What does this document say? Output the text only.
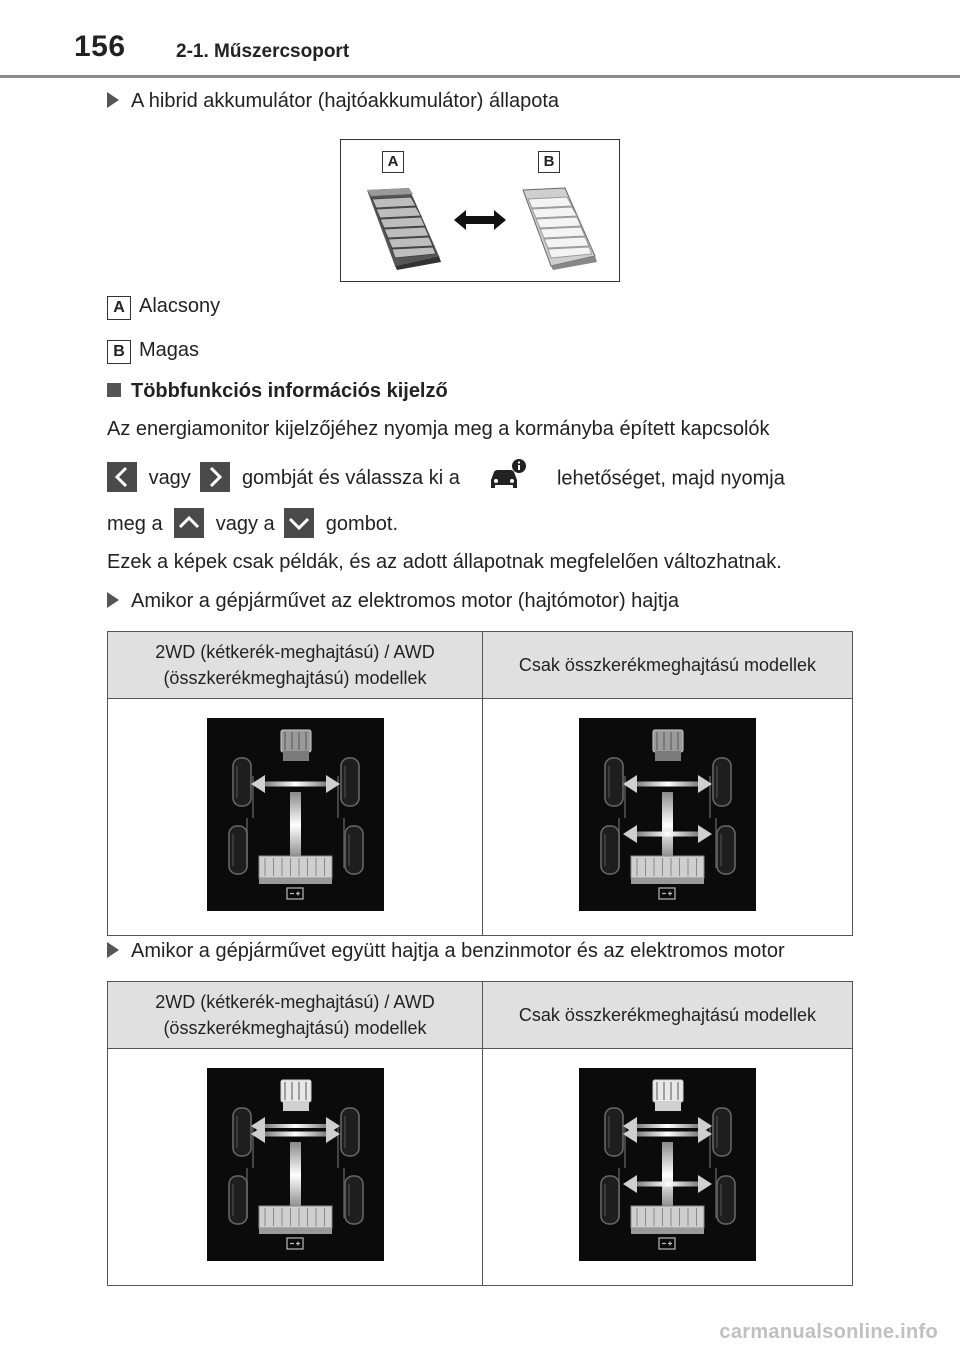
156	2-1. Műszercsoport
A hibrid akkumulátor (hajtóakkumulátor) állapota
A	B
A Alacsony
B Magas
Többfunkciós információs kijelző
Az energiamonitor kijelzőjéhez nyomja meg a kormányba épített kapcsolók
vagy	gombját és válassza ki a	lehetőséget, majd nyomja
meg a	vagy a	gombot.
Ezek a képek csak példák, és az adott állapotnak megfelelően változhatnak.
Amikor a gépjárművet az elektromos motor (hajtómotor) hajtja
2WD (kétkerék-meghajtású) / AWD
(összkerékmeghajtású) modellek	Csak összkerékmeghajtású modellek

Amikor a gépjárművet együtt hajtja a benzinmotor és az elektromos motor
2WD (kétkerék-meghajtású) / AWD
(összkerékmeghajtású) modellek	Csak összkerékmeghajtású modellek

carmanualsonline.info
